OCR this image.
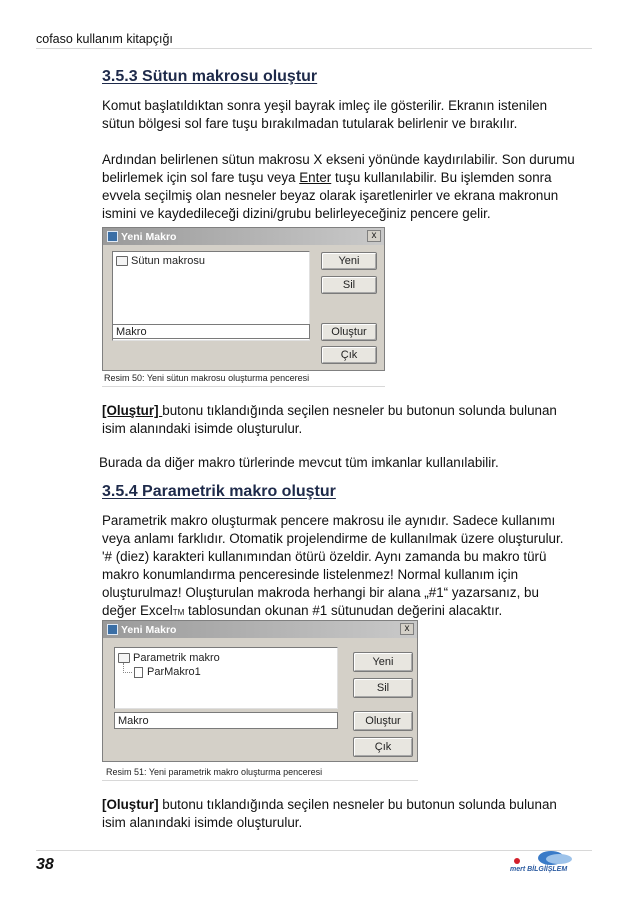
cofaso kullanım kitapçığı
3.5.3 Sütun makrosu oluştur

Komut başlatıldıktan sonra yeşil bayrak imleç ile gösterilir. Ekranın istenilen

sütun bölgesi sol fare tuşu bırakılmadan tutularak belirlenir ve bırakılır.

Ardından belirlenen sütun makrosu X ekseni yönünde kaydırılabilir. Son durumu

belirlemek için sol fare tuşu veya Enter tuşu kullanılabilir. Bu işlemden sonra

evvela seçilmiş olan nesneler beyaz olarak işaretlenirler ve ekrana makronun

ismini ve kaydedileceği dizini/grubu belirleyeceğiniz pencere gelir.

Yeni Makro	x
Sütun makrosu
Makro
Yeni
Sil
Oluştur
Çık
Resim 50: Yeni sütun makrosu oluşturma penceresi

[Oluştur] butonu tıklandığında seçilen nesneler bu butonun solunda bulunan

isim alanındaki isimde oluşturulur.

Burada da diğer makro türlerinde mevcut tüm imkanlar kullanılabilir.
3.5.4 Parametrik makro oluştur

Parametrik makro oluşturmak pencere makrosu ile aynıdır. Sadece kullanımı

veya anlamı farklıdır. Otomatik projelendirme de kullanılmak üzere oluşturulur.

'# (diez) karakteri kullanımından ötürü özeldir. Aynı zamanda bu makro türü

makro konumlandırma penceresinde listelenmez! Normal kullanım için

oluşturulmaz! Oluşturulan makroda herhangi bir alana „#1“ yazarsanız, bu

değer ExcelTM tablosundan okunan #1 sütunudan değerini alacaktır.

Yeni Makro	x
Parametrik makro
ParMakro1
Makro
Yeni
Sil
Oluştur
Çık
Resim 51: Yeni parametrik makro oluşturma penceresi

[Oluştur] butonu tıklandığında seçilen nesneler bu butonun solunda bulunan

isim alanındaki isimde oluşturulur.

38	mert BİLGİİŞLEM
